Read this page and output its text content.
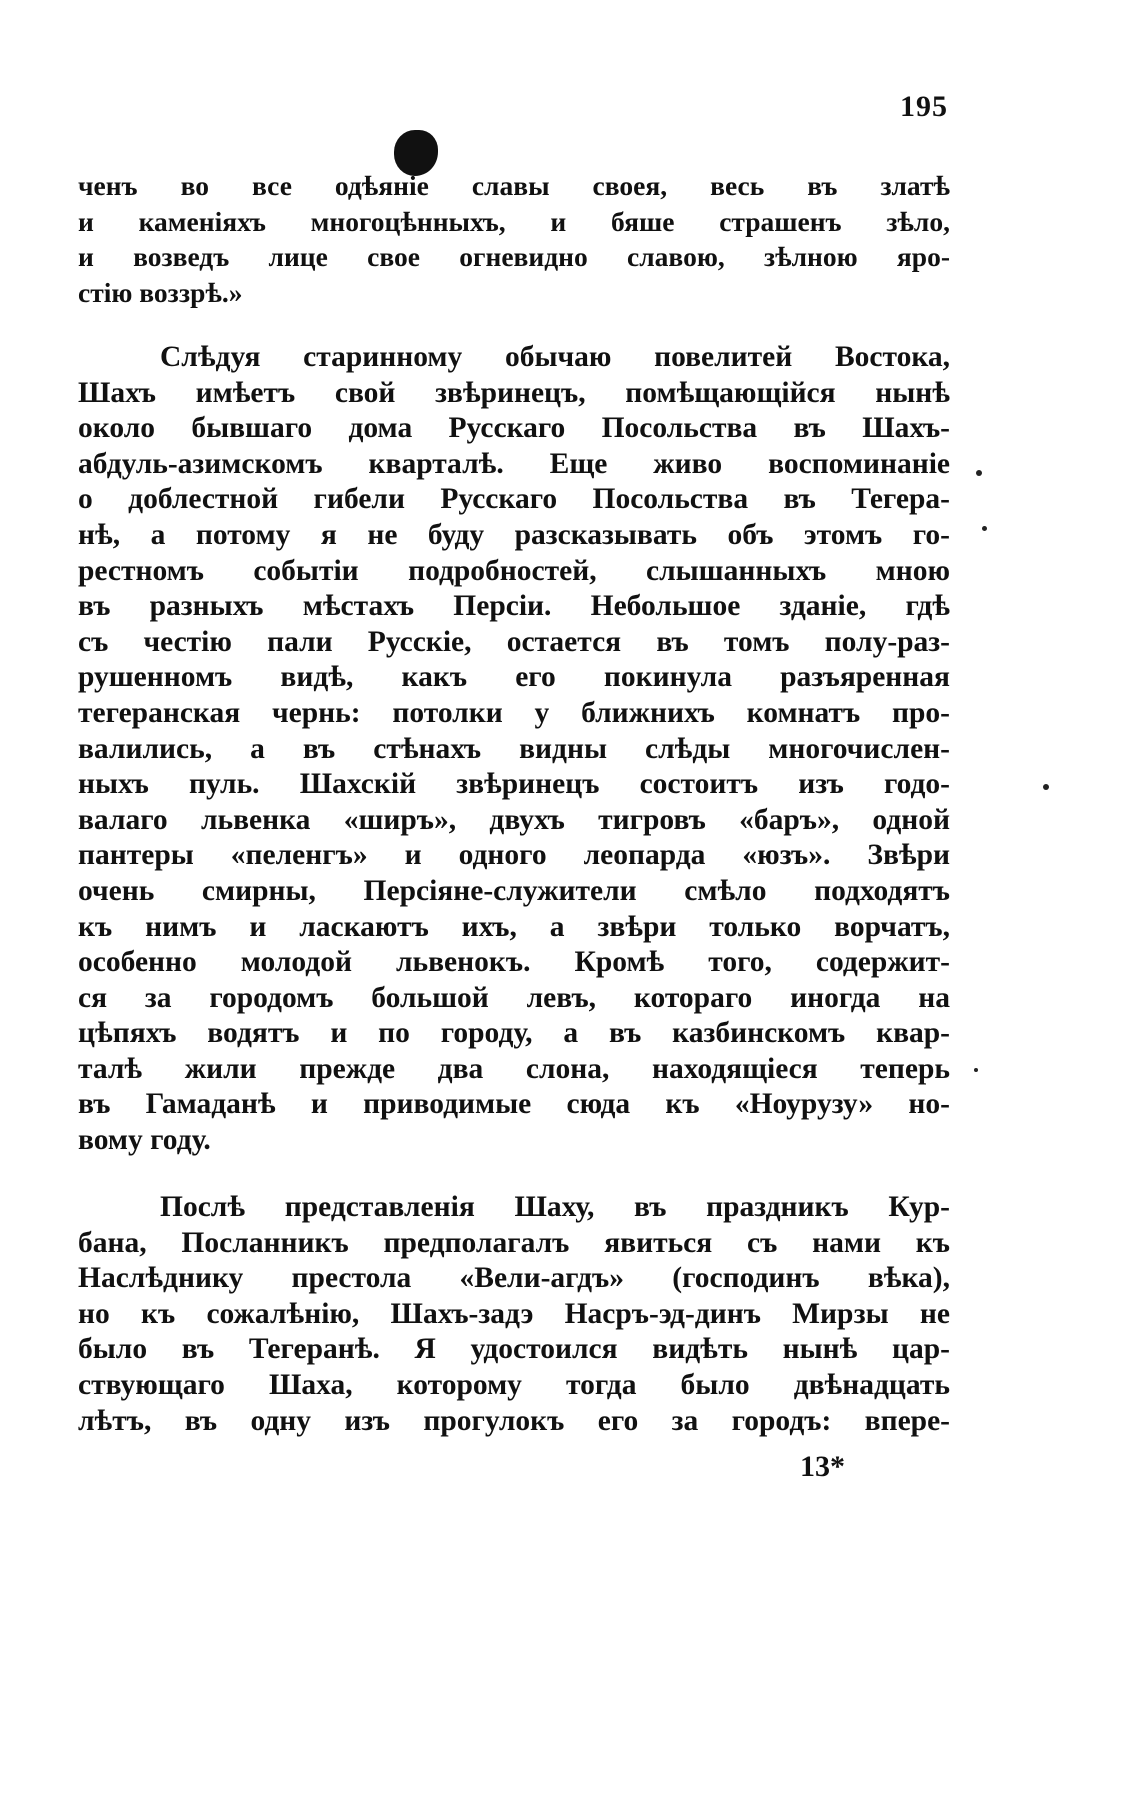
195
ченъ во все одѣяніе славы своея, весь въ златѣ
и каменіяхъ многоцѣнныхъ, и бяше страшенъ зѣло,
и возведъ лице свое огневидно славою, зѣлною яро-
стію воззрѣ.»
Слѣдуя старинному обычаю повелитей Востока,
Шахъ имѣетъ свой звѣринецъ, помѣщающійся нынѣ
около бывшаго дома Русскаго Посольства въ Шахъ-
абдуль-азимскомъ кварталѣ. Еще живо воспоминаніе
о доблестной гибели Русскаго Посольства въ Тегера-
нѣ, а потому я не буду разсказывать объ этомъ го-
рестномъ событіи подробностей, слышанныхъ мною
въ разныхъ мѣстахъ Персіи. Небольшое зданіе, гдѣ
съ честію пали Русскіе, остается въ томъ полу-раз-
рушенномъ видѣ, какъ его покинула разъяренная
тегеранская чернь: потолки у ближнихъ комнатъ про-
валились, а въ стѣнахъ видны слѣды многочислен-
ныхъ пуль. Шахскій звѣринецъ состоитъ изъ годо-
валаго львенка «ширъ», двухъ тигровъ «баръ», одной
пантеры «пеленгъ» и одного леопарда «юзъ». Звѣри
очень смирны, Персіяне-служители смѣло подходятъ
къ нимъ и ласкаютъ ихъ, а звѣри только ворчатъ,
особенно молодой львенокъ. Кромѣ того, содержит-
ся за городомъ большой левъ, котораго иногда на
цѣпяхъ водятъ и по городу, а въ казбинскомъ квар-
талѣ жили прежде два слона, находящіеся теперь
въ Гамаданѣ и приводимые сюда къ «Ноурузу» но-
вому году.
Послѣ представленія Шаху, въ праздникъ Кур-
бана, Посланникъ предполагалъ явиться съ нами къ
Наслѣднику престола «Вели-агдъ» (господинъ вѣка),
но къ сожалѣнію, Шахъ-задэ Насръ-эд-динъ Мирзы не
было въ Тегеранѣ. Я удостоился видѣть нынѣ цар-
ствующаго Шаха, которому тогда было двѣнадцать
лѣтъ, въ одну изъ прогулокъ его за городъ: впере-
13*
